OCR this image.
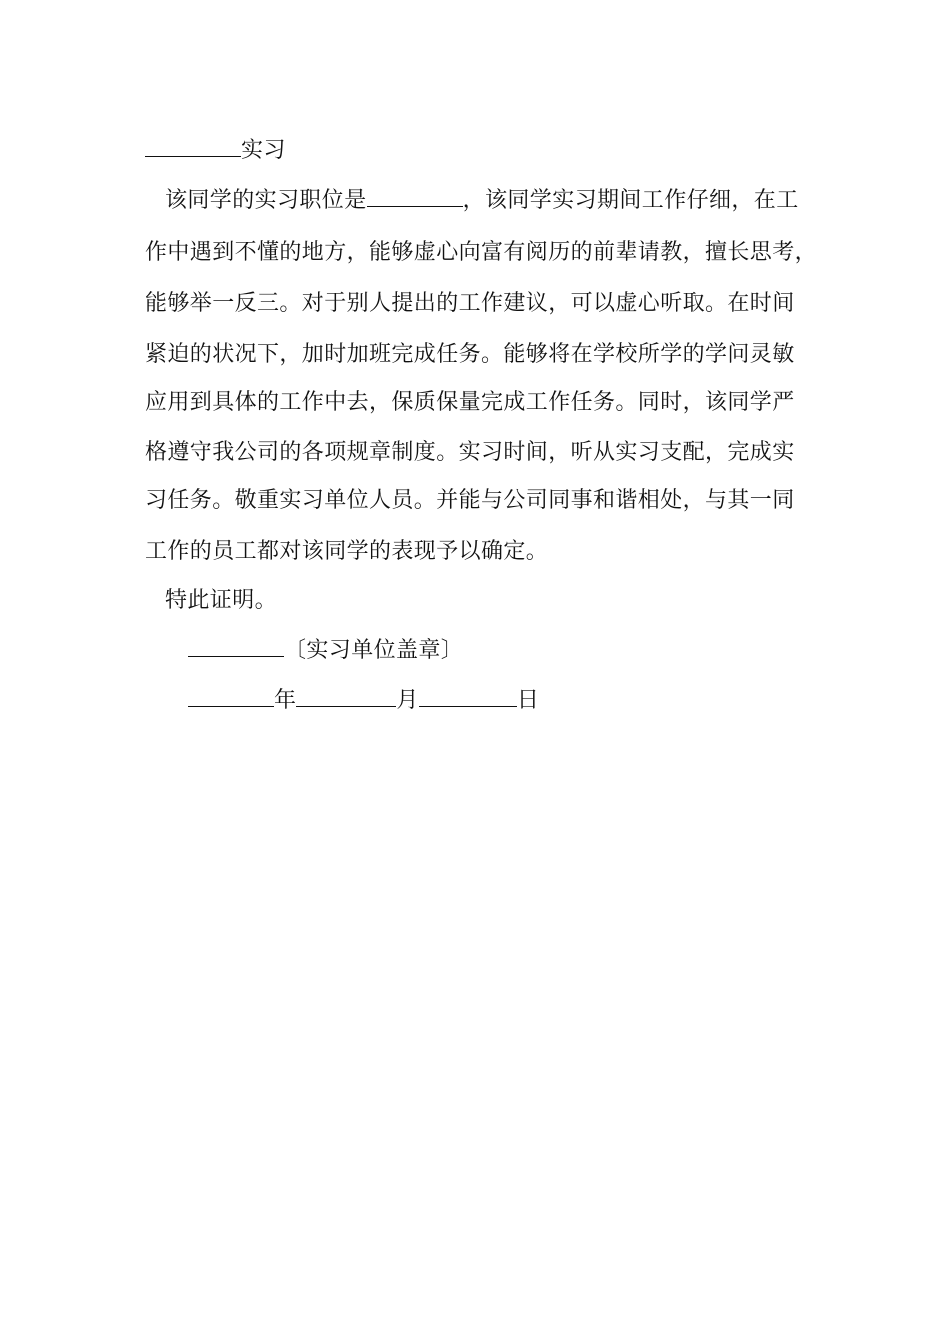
实习
该同学的实习职位是	，该同学实习期间工作仔细，在工
作中遇到不懂的地方，能够虚心向富有阅历的前辈请教，擅长思考，
能够举一反三。对于别人提出的工作建议，可以虚心听取。在时间
紧迫的状况下，加时加班完成任务。能够将在学校所学的学问灵敏
应用到具体的工作中去，保质保量完成工作任务。同时，该同学严
格遵守我公司的各项规章制度。实习时间，听从实习支配，完成实
习任务。敬重实习单位人员。并能与公司同事和谐相处，与其一同
工作的员工都对该同学的表现予以确定。
特此证明。
〔实习单位盖章〕
年	月	日
